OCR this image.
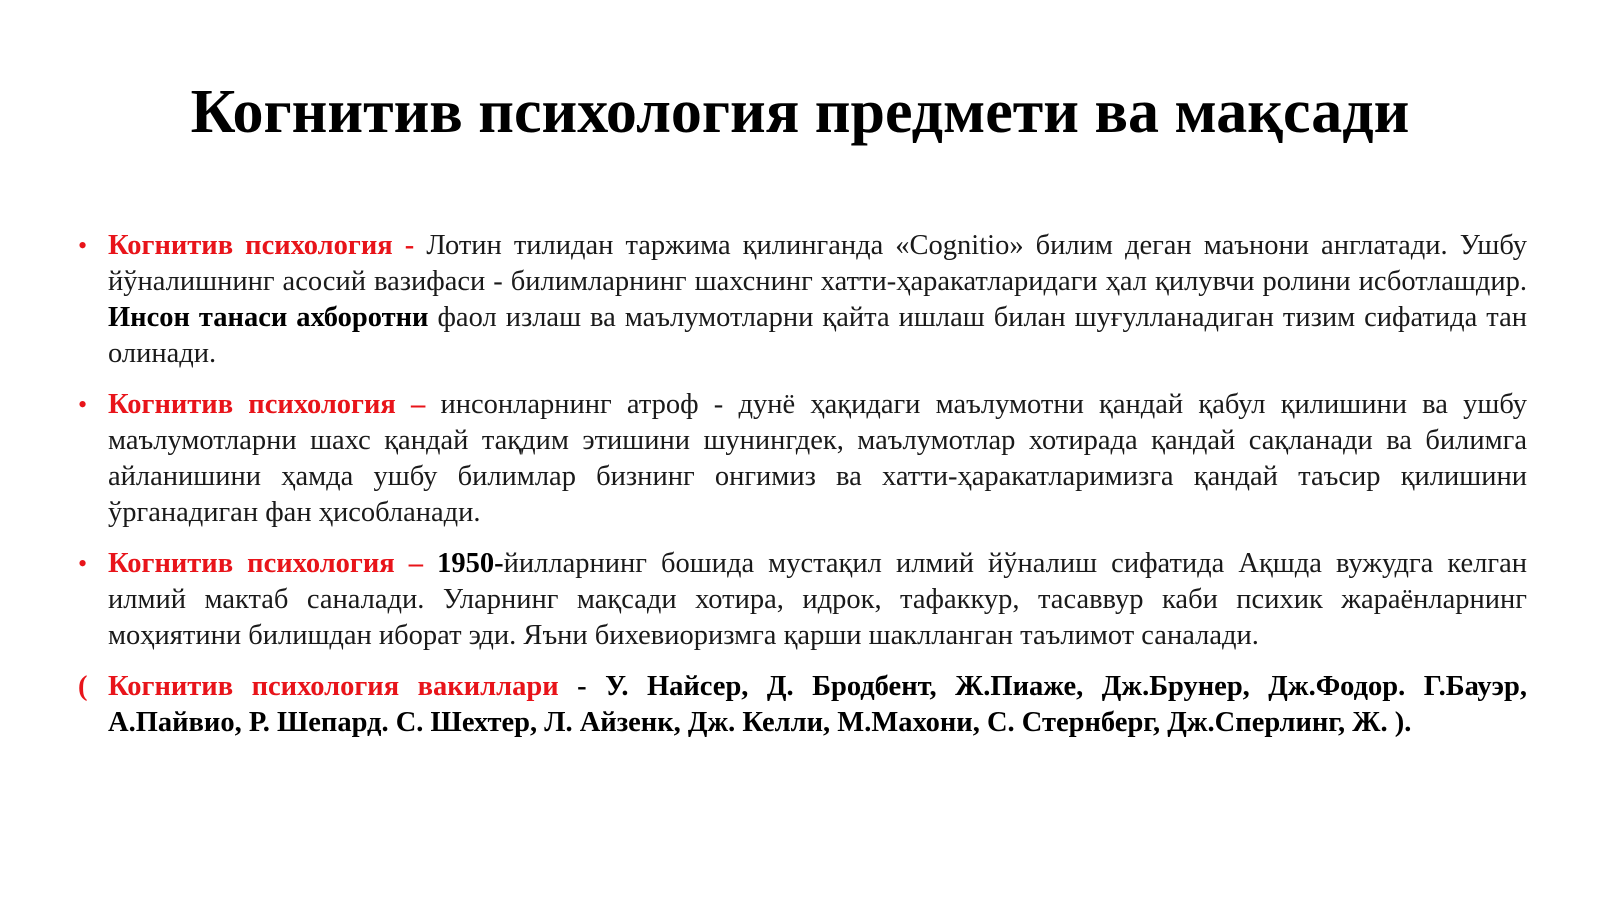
Когнитив психология предмети ва мақсади

• Когнитив психология - Лотин тилидан таржима қилинганда «Cognitio» билим деган маънони англатади. Ушбу йўналишнинг асосий вазифаси - билимларнинг шахснинг хатти-ҳаракатларидаги ҳал қилувчи ролини исботлашдир. Инсон танаси ахборотни фаол излаш ва маълумотларни қайта ишлаш билан шуғулланадиган тизим сифатида тан олинади.

• Когнитив психология – инсонларнинг атроф - дунё ҳақидаги маълумотни қандай қабул қилишини ва ушбу маълумотларни шахс қандай тақдим этишини шунингдек, маълумотлар хотирада қандай сақланади ва билимга айланишини ҳамда ушбу билимлар бизнинг онгимиз ва хатти-ҳаракатларимизга қандай таъсир қилишини ўрганадиган фан ҳисобланади.

• Когнитив психология – 1950-йилларнинг бошида мустақил илмий йўналиш сифатида Ақшда вужудга келган илмий мактаб саналади. Уларнинг мақсади хотира, идрок, тафаккур, тасаввур каби психик жараёнларнинг моҳиятини билишдан иборат эди. Яъни бихевиоризмга қарши шаклланган таълимот саналади.

( Когнитив психология вакиллари - У. Найсер, Д. Бродбент, Ж.Пиаже, Дж.Брунер, Дж.Фодор. Г.Бауэр, А.Пайвио, Р. Шепард. С. Шехтер, Л. Айзенк, Дж. Келли, М.Махони, С. Стернберг, Дж.Сперлинг, Ж. ).
